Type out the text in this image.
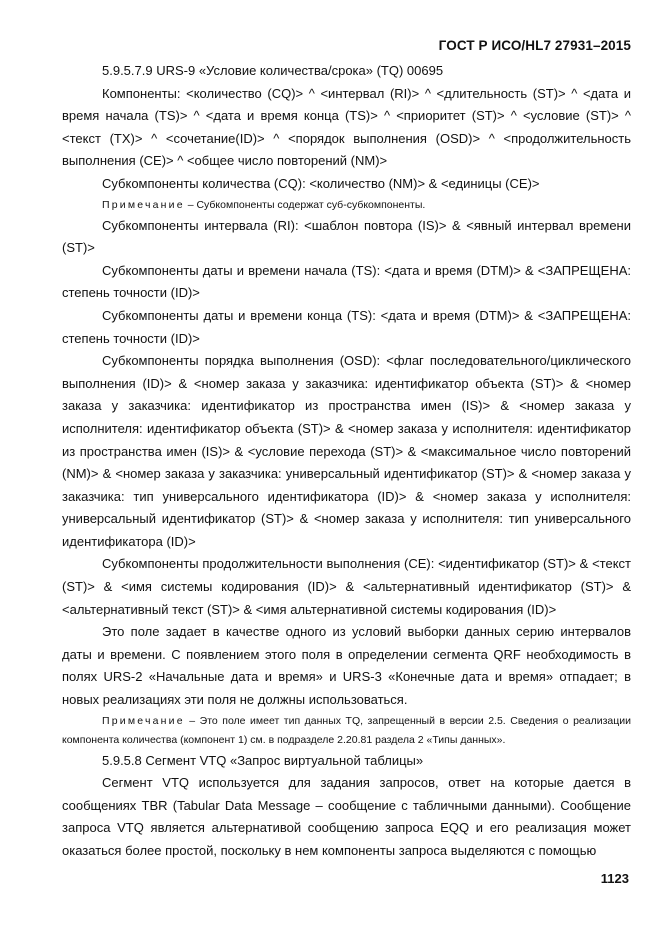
ГОСТ Р ИСО/HL7 27931–2015

5.9.5.7.9 URS-9 «Условие количества/срока» (TQ) 00695

Компоненты: <количество (CQ)> ^ <интервал (RI)> ^ <длительность (ST)> ^ <дата и время начала (TS)> ^ <дата и время конца (TS)> ^ <приоритет (ST)> ^ <условие (ST)> ^ <текст (TX)> ^ <сочетание(ID)> ^ <порядок выполнения (OSD)> ^ <продолжительность выполнения (CE)> ^ <общее число повторений (NM)>

Субкомпоненты количества (CQ): <количество (NM)> & <единицы (CE)>

Примечание – Субкомпоненты содержат суб-субкомпоненты.

Субкомпоненты интервала (RI): <шаблон повтора (IS)> & <явный интервал времени (ST)>

Субкомпоненты даты и времени начала (TS): <дата и время (DTM)> & <ЗАПРЕЩЕНА: степень точности (ID)>

Субкомпоненты даты и времени конца (TS): <дата и время (DTM)> & <ЗАПРЕЩЕНА: степень точности (ID)>

Субкомпоненты порядка выполнения (OSD): <флаг последовательного/циклического выполнения (ID)> & <номер заказа у заказчика: идентификатор объекта (ST)> & <номер заказа у заказчика: идентификатор из пространства имен (IS)> & <номер заказа у исполнителя: идентификатор объекта (ST)> & <номер заказа у исполнителя: идентификатор из пространства имен (IS)> & <условие перехода (ST)> & <максимальное число повторений (NM)> & <номер заказа у заказчика: универсальный идентификатор (ST)> & <номер заказа у заказчика: тип универсального идентификатора (ID)> & <номер заказа у исполнителя: универсальный идентификатор (ST)> & <номер заказа у исполнителя: тип универсального идентификатора (ID)>

Субкомпоненты продолжительности выполнения (CE): <идентификатор (ST)> & <текст (ST)> & <имя системы кодирования (ID)> & <альтернативный идентификатор (ST)> & <альтернативный текст (ST)> & <имя альтернативной системы кодирования (ID)>

Это поле задает в качестве одного из условий выборки данных серию интервалов даты и времени. С появлением этого поля в определении сегмента QRF необходимость в полях URS-2 «Начальные дата и время» и URS-3 «Конечные дата и время» отпадает; в новых реализациях эти поля не должны использоваться.

Примечание – Это поле имеет тип данных TQ, запрещенный в версии 2.5. Сведения о реализации компонента количества (компонент 1) см. в подразделе 2.20.81 раздела 2 «Типы данных».

5.9.5.8 Сегмент VTQ «Запрос виртуальной таблицы»

Сегмент VTQ используется для задания запросов, ответ на которые дается в сообщениях TBR (Tabular Data Message – сообщение с табличными данными). Сообщение запроса VTQ является альтернативой сообщению запроса EQQ и его реализация может оказаться более простой, поскольку в нем компоненты запроса выделяются с помощью

1123
